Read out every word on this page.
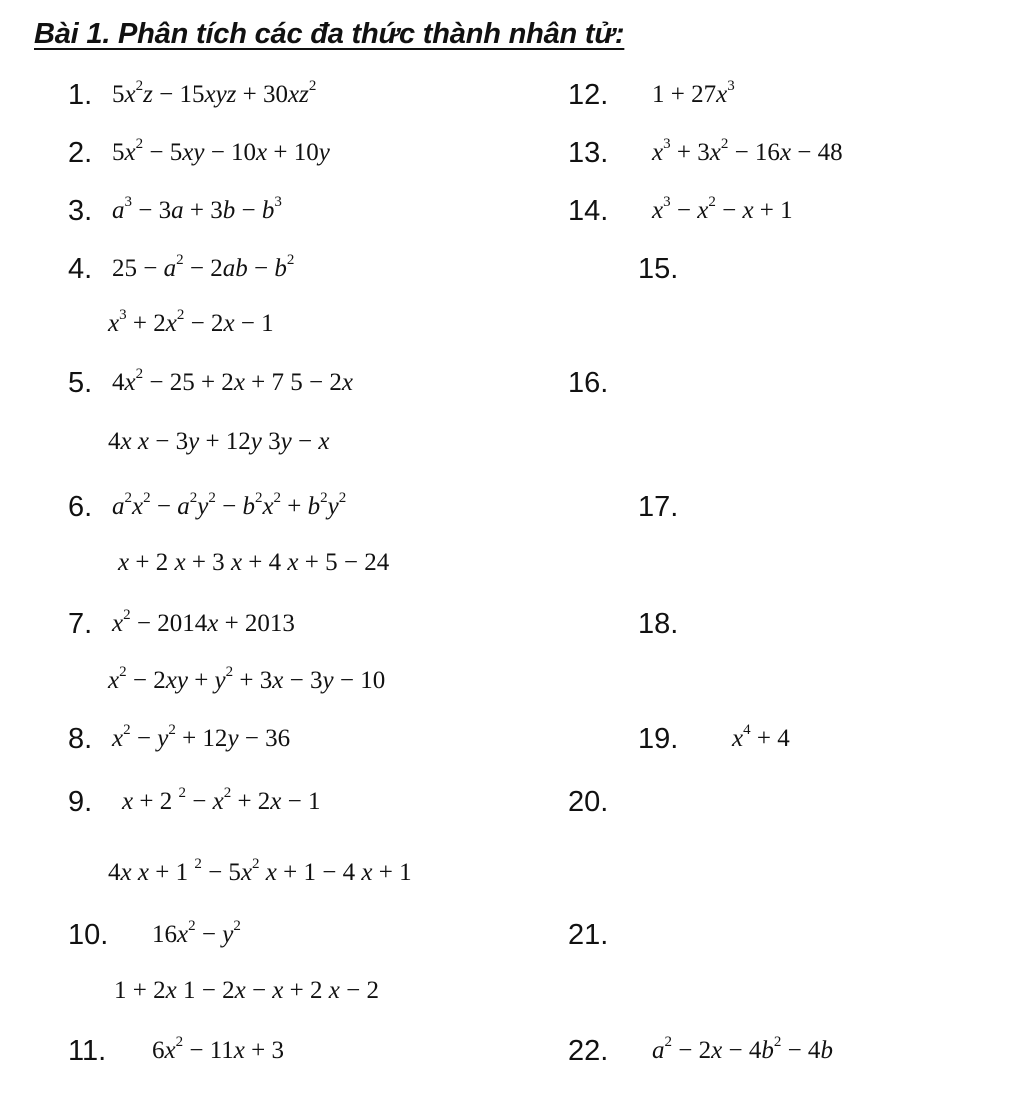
Bài 1. Phân tích các đa thức thành nhân tử:
1. $5x^2z - 15xyz + 30xz^2$
2. $5x^2 - 5xy - 10x + 10y$
3. $a^3 - 3a + 3b - b^3$
4. $25 - a^2 - 2ab - b^2$
5. $4x^2 - 25 + 2x + 7$ 5 − 2x
6. $a^2x^2 - a^2y^2 - b^2x^2 + b^2y^2$
7. $x^2 - 2014x + 2013$
8. $x^2 - y^2 + 12y - 36$
9. x + 2 $^2 - x^2 + 2x - 1$
10. $16x^2 - y^2$
11. $6x^2 - 11x + 3$
12. $1 + 27x^3$
13. $x^3 + 3x^2 - 16x - 48$
14. $x^3 - x^2 - x + 1$
15.
$x^3 + 2x^2 - 2x - 1$
16.
4x x − 3y + 12y 3y − x
17.
x + 2 x + 3 x + 4 x + 5 − 24
18.
$x^2 - 2xy + y^2 + 3x - 3y - 10$
19. $x^4 + 4$
20.
4x x + 1 $^2 - 5x^2$ x + 1 − 4 x + 1
21.
1 + 2x 1 − 2x − x + 2 x − 2
22. $a^2 - 2x - 4b^2 - 4b$
